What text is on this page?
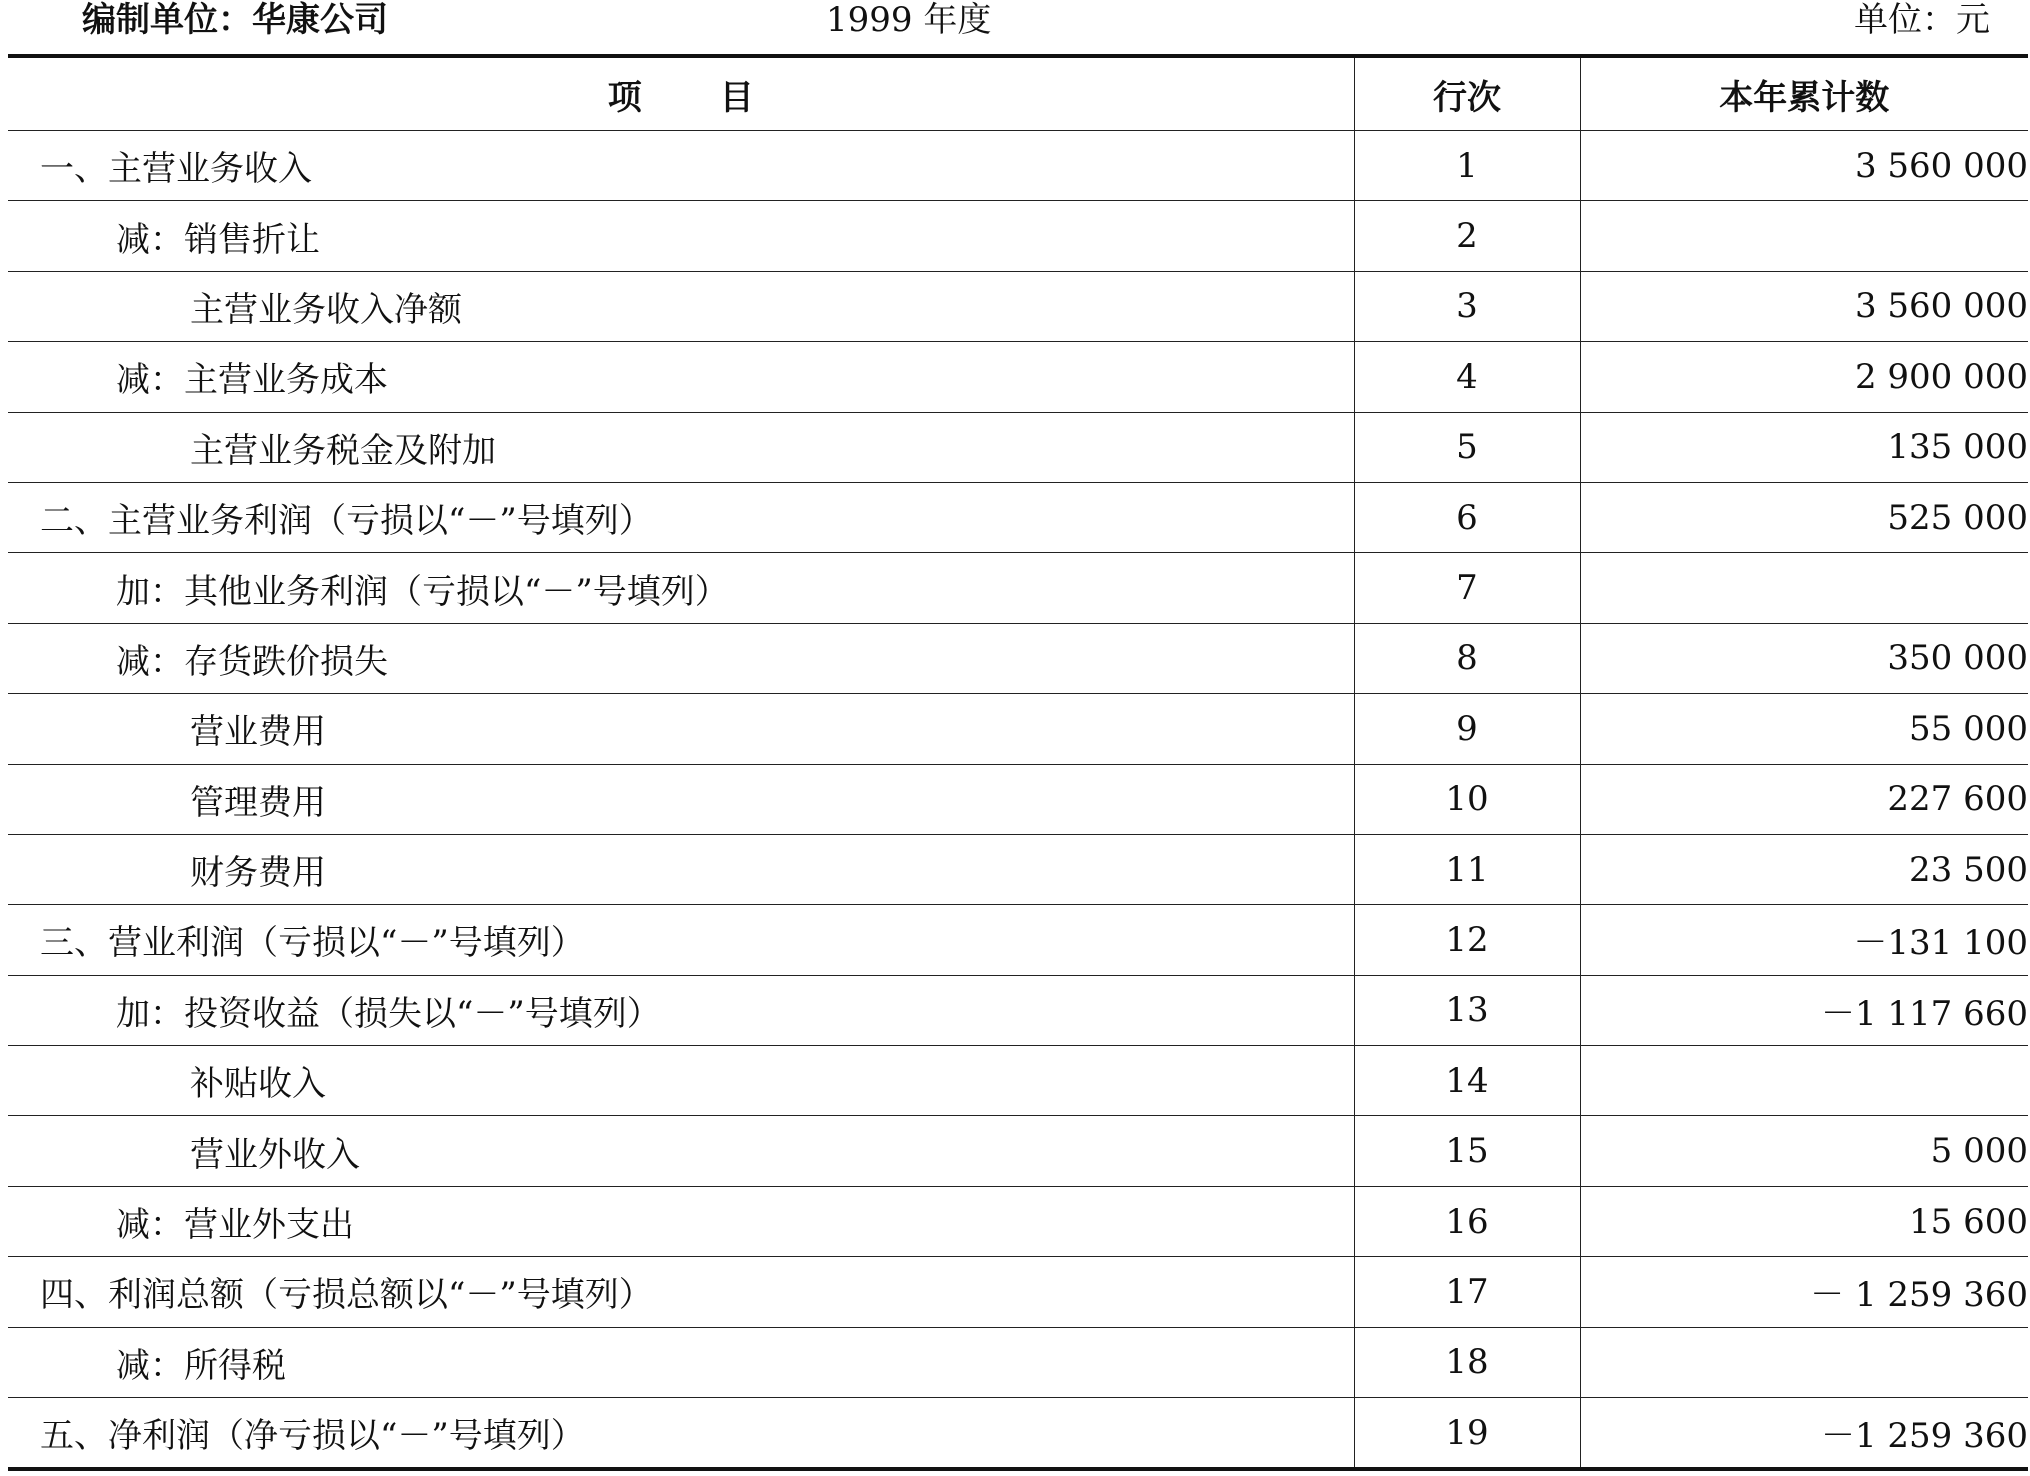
编制单位：华康公司	1999 年度	单位：元
项目	行次	本年累计数
一、主营业务收入	1	3 560 000
减：销售折让	2	
主营业务收入净额	3	3 560 000
减：主营业务成本	4	2 900 000
主营业务税金及附加	5	135 000
二、主营业务利润（亏损以“－”号填列）	6	525 000
加：其他业务利润（亏损以“－”号填列）	7	
减：存货跌价损失	8	350 000
营业费用	9	55 000
管理费用	10	227 600
财务费用	11	23 500
三、营业利润（亏损以“－”号填列）	12	－131 100
加：投资收益（损失以“－”号填列）	13	－1 117 660
补贴收入	14	
营业外收入	15	5 000
减：营业外支出	16	15 600
四、利润总额（亏损总额以“－”号填列）	17	－ 1 259 360
减：所得税	18	
五、净利润（净亏损以“－”号填列）	19	－1 259 360
